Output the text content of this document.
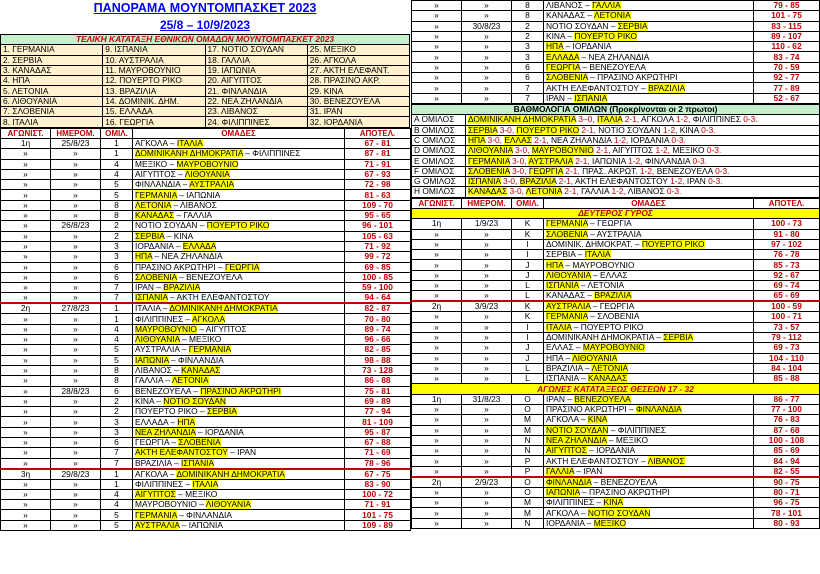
ΠΑΝΟΡΑΜΑ ΜΟΥΝΤΟΜΠΑΣΚΕΤ 2023
25/8 – 10/9/2023
ΤΕΛΙΚΗ ΚΑΤΑΤΑΞΗ ΕΘΝΙΚΩΝ ΟΜΑΔΩΝ ΜΟΥΝΤΟΜΠΑΣΚΕΤ 2023			
1. ΓΕΡΜΑΝΙΑ	9. ΙΣΠΑΝΙΑ	17. ΝΟΤΙΟ ΣΟΥΔΑΝ	25. ΜΕΞΙΚΟ
2. ΣΕΡΒΙΑ	10. ΑΥΣΤΡΑΛΙΑ	18. ΓΑΛΛΙΑ	26. ΑΓΚΟΛΑ
3. ΚΑΝΑΔΑΣ	11. ΜΑΥΡΟΒΟΥΝΙΟ	19. ΙΑΠΩΝΙΑ	27. ΑΚΤΗ ΕΛΕΦΑΝΤ.
4. ΗΠΑ	12. ΠΟΥΕΡΤΟ ΡΙΚΟ	20. ΑΙΓΥΠΤΟΣ	28. ΠΡΑΣΙΝΟ ΑΚΡ.
5. ΛΕΤΟΝΙΑ	13. ΒΡΑΖΙΛΙΑ	21. ΦΙΝΛΑΝΔΙΑ	29. ΚΙΝΑ
6. ΛΙΘΟΥΑΝΙΑ	14. ΔΟΜΙΝΙΚ. ΔΗΜ.	22. ΝΕΑ ΖΗΛΑΝΔΙΑ	30. ΒΕΝΕΖΟΥΕΛΑ
7. ΣΛΟΒΕΝΙΑ	15. ΕΛΛΑΔΑ	23. ΛΙΒΑΝΟΣ	31. ΙΡΑΝ
8. ΙΤΑΛΙΑ	16. ΓΕΩΡΓΙΑ	24. ΦΙΛΙΠΠΙΝΕΣ	32. ΙΟΡΔΑΝΙΑ
ΑΓΩΝΙΣΤ.	ΗΜΕΡΟΜ.	ΟΜΙΛ.	ΟΜΑΔΕΣ	ΑΠΟΤΕΛ.
1η	25/8/23	1	ΑΓΚΟΛΑ – ΙΤΑΛΙΑ	67 - 81
»	»	1	ΔΟΜΙΝΙΚΑΝΗ ΔΗΜΟΚΡΑΤΙΑ – ΦΙΛΙΠΠΙΝΕΣ	87 - 81
»	»	4	ΜΕΞΙΚΟ – ΜΑΥΡΟΒΟΥΝΙΟ	71 - 91
»	»	4	ΑΙΓΥΠΤΟΣ – ΛΙΘΟΥΑΝΙΑ	67 - 93
»	»	5	ΦΙΝΛΑΝΔΙΑ – ΑΥΣΤΡΑΛΙΑ	72 - 98
»	»	5	ΓΕΡΜΑΝΙΑ – ΙΑΠΩΝΙΑ	81 - 63
»	»	8	ΛΕΤΟΝΙΑ – ΛΙΒΑΝΟΣ	109 - 70
»	»	8	ΚΑΝΑΔΑΣ – ΓΑΛΛΙΑ	95 - 65
»	26/8/23	2	ΝΟΤΙΟ ΣΟΥΔΑΝ – ΠΟΥΕΡΤΟ ΡΙΚΟ	96 - 101
»	»	2	ΣΕΡΒΙΑ – ΚΙΝΑ	105 - 63
»	»	3	ΙΟΡΔΑΝΙΑ – ΕΛΛΑΔΑ	71 - 92
»	»	3	ΗΠΑ – ΝΕΑ ΖΗΛΑΝΔΙΑ	99 - 72
»	»	6	ΠΡΑΣΙΝΟ ΑΚΡΩΤΗΡΙ – ΓΕΩΡΓΙΑ	69 - 85
»	»	6	ΣΛΟΒΕΝΙΑ – ΒΕΝΕΖΟΥΕΛΑ	100 - 85
»	»	7	ΙΡΑΝ – ΒΡΑΖΙΛΙΑ	59 - 100
»	»	7	ΙΣΠΑΝΙΑ – ΑΚΤΗ ΕΛΕΦΑΝΤΟΣΤΟΥ	94 - 64
2η	27/8/23	1	ΙΤΑΛΙΑ – ΔΟΜΙΝΙΚΑΝΗ ΔΗΜΟΚΡΑΤΙΑ	82 - 87
»	»	1	ΦΙΛΙΠΠΙΝΕΣ – ΑΓΚΟΛΑ	70 - 80
»	»	4	ΜΑΥΡΟΒΟΥΝΙΟ – ΑΙΓΥΠΤΟΣ	89 - 74
»	»	4	ΛΙΘΟΥΑΝΙΑ – ΜΕΞΙΚΟ	96 - 66
»	»	5	ΑΥΣΤΡΑΛΙΑ – ΓΕΡΜΑΝΙΑ	82 - 85
»	»	5	ΙΑΠΩΝΙΑ – ΦΙΝΛΑΝΔΙΑ	98 - 88
»	»	8	ΛΙΒΑΝΟΣ – ΚΑΝΑΔΑΣ	73 - 128
»	»	8	ΓΑΛΛΙΑ – ΛΕΤΟΝΙΑ	86 - 88
»	28/8/23	6	ΒΕΝΕΖΟΥΕΛΑ – ΠΡΑΣΙΝΟ ΑΚΡΩΤΗΡΙ	75 - 81
»	»	2	ΚΙΝΑ – ΝΟΤΙΟ ΣΟΥΔΑΝ	69 - 89
»	»	2	ΠΟΥΕΡΤΟ ΡΙΚΟ – ΣΕΡΒΙΑ	77 - 94
»	»	3	ΕΛΛΑΔΑ – ΗΠΑ	81 - 109
»	»	3	ΝΕΑ ΖΗΛΑΝΔΙΑ – ΙΟΡΔΑΝΙΑ	95 - 87
»	»	6	ΓΕΩΡΓΙΑ – ΣΛΟΒΕΝΙΑ	67 - 88
»	»	7	ΑΚΤΗ ΕΛΕΦΑΝΤΟΣΤΟΥ – ΙΡΑΝ	71 - 69
»	»	7	ΒΡΑΖΙΛΙΑ – ΙΣΠΑΝΙΑ	78 - 96
3η	29/8/23	1	ΑΓΚΟΛΑ – ΔΟΜΙΝΙΚΑΝΗ ΔΗΜΟΚΡΑΤΙΑ	67 - 75
»	»	1	ΦΙΛΙΠΠΙΝΕΣ – ΙΤΑΛΙΑ	83 - 90
»	»	4	ΑΙΓΥΠΤΟΣ – ΜΕΞΙΚΟ	100 - 72
»	»	4	ΜΑΥΡΟΒΟΥΝΙΟ – ΛΙΘΟΥΑΝΙΑ	71 - 91
»	»	5	ΓΕΡΜΑΝΙΑ – ΦΙΝΛΑΝΔΙΑ	101 - 75
»	»	5	ΑΥΣΤΡΑΛΙΑ – ΙΑΠΩΝΙΑ	109 - 89
»	»	8	ΛΙΒΑΝΟΣ – ΓΑΛΛΙΑ	79 - 85
»	»	8	ΚΑΝΑΔΑΣ – ΛΕΤΟΝΙΑ	101 - 75
»	30/8/23	2	ΝΟΤΙΟ ΣΟΥΔΑΝ – ΣΕΡΒΙΑ	83 - 115
»	»	2	ΚΙΝΑ – ΠΟΥΕΡΤΟ ΡΙΚΟ	89 - 107
»	»	3	ΗΠΑ – ΙΟΡΔΑΝΙΑ	110 - 62
»	»	3	ΕΛΛΑΔΑ – ΝΕΑ ΖΗΛΑΝΔΙΑ	83 - 74
»	»	6	ΓΕΩΡΓΙΑ – ΒΕΝΕΖΟΥΕΛΑ	70 - 59
»	»	6	ΣΛΟΒΕΝΙΑ – ΠΡΑΣΙΝΟ ΑΚΡΩΤΗΡΙ	92 - 77
»	»	7	ΑΚΤΗ ΕΛΕΦΑΝΤΟΣΤΟΥ – ΒΡΑΖΙΛΙΑ	77 - 89
»	»	7	ΙΡΑΝ – ΙΣΠΑΝΙΑ	52 - 67
ΒΑΘΜΟΛΟΓΙΑ ΟΜΙΛΩΝ (Προκρίνονται οι 2 πρωτοι)	
Α ΟΜΙΛΟΣ	ΔΟΜΙΝΙΚΑΝΗ ΔΗΜΟΚΡΑΤΙΑ 3–0, ΙΤΑΛΙΑ 2-1, ΑΓΚΟΛΑ 1-2, ΦΙΛΙΠΠΙΝΕΣ 0-3.
Β ΟΜΙΛΟΣ	ΣΕΡΒΙΑ 3-0, ΠΟΥΕΡΤΟ ΡΙΚΟ 2-1, ΝΟΤΙΟ ΣΟΥΔΑΝ 1-2, ΚΙΝΑ 0-3.
C ΟΜΙΛΟΣ	ΗΠΑ 3-0, ΕΛΛΑΣ 2-1, ΝΕΑ ΖΗΛΑΝΔΙΑ 1-2, ΙΟΡΔΑΝΙΑ 0-3.
D ΟΜΙΛΟΣ	ΛΙΘΟΥΑΝΙΑ 3-0, ΜΑΥΡΟΒΟΥΝΙΟ 2-1, ΑΙΓΥΠΤΟΣ 1-2, ΜΕΞΙΚΟ 0-3.
Ε ΟΜΙΛΟΣ	ΓΕΡΜΑΝΙΑ 3-0, ΑΥΣΤΡΑΛΙΑ 2-1, ΙΑΠΩΝΙΑ 1-2, ΦΙΝΛΑΝΔΙΑ 0-3.
F ΟΜΙΛΟΣ	ΣΛΟΒΕΝΙΑ 3-0, ΓΕΩΡΓΙΑ 2-1, ΠΡΑΣ. ΑΚΡΩΤ. 1-2, ΒΕΝΕΖΟΥΕΛΑ 0-3.
G ΟΜΙΛΟΣ	ΙΣΠΑΝΙΑ 3-0, ΒΡΑΖΙΛΙΑ 2-1, ΑΚΤΗ ΕΛΕΦΑΝΤΟΣΤΟΥ 1-2, ΙΡΑΝ 0-3.
Η ΟΜΙΛΟΣ	ΚΑΝΑΔΑΣ 3-0, ΛΕΤΟΝΙΑ 2-1, ΓΑΛΛΙΑ 1-2, ΛΙΒΑΝΟΣ 0-3.
ΑΓΩΝΙΣΤ.	ΗΜΕΡΟΜ.	ΟΜΙΛ.	ΟΜΑΔΕΣ	ΑΠΟΤΕΛ.
ΔΕΥΤΕΡΟΣ ΓΥΡΟΣ				
1η	1/9/23	Κ	ΓΕΡΜΑΝΙΑ – ΓΕΩΡΓΙΑ	100 - 73
»	»	Κ	ΣΛΟΒΕΝΙΑ – ΑΥΣΤΡΑΛΙΑ	91 - 80
»	»	Ι	ΔΟΜΙΝΙΚ. ΔΗΜΟΚΡΑΤ. – ΠΟΥΕΡΤΟ ΡΙΚΟ	97 - 102
»	»	Ι	ΣΕΡΒΙΑ – ΙΤΑΛΙΑ	76 - 78
»	»	J	ΗΠΑ – ΜΑΥΡΟΒΟΥΝΙΟ	85 - 73
»	»	J	ΛΙΘΟΥΑΝΙΑ – ΕΛΛΑΣ	92 - 67
»	»	L	ΙΣΠΑΝΙΑ – ΛΕΤΟΝΙΑ	69 - 74
»	»	L	ΚΑΝΑΔΑΣ – ΒΡΑΖΙΛΙΑ	65 - 69
2η	3/9/23	Κ	ΑΥΣΤΡΑΛΙΑ – ΓΕΩΡΓΙΑ	100 - 59
»	»	Κ	ΓΕΡΜΑΝΙΑ – ΣΛΟΒΕΝΙΑ	100 - 71
»	»	Ι	ΙΤΑΛΙΑ – ΠΟΥΕΡΤΟ ΡΙΚΟ	73 - 57
»	»	Ι	ΔΟΜΙΝΙΚΑΝΗ ΔΗΜΟΚΡΑΤΙΑ – ΣΕΡΒΙΑ	79 - 112
»	»	J	ΕΛΛΑΣ – ΜΑΥΡΟΒΟΥΝΙΟ	69 - 73
»	»	J	ΗΠΑ – ΛΙΘΟΥΑΝΙΑ	104 - 110
»	»	L	ΒΡΑΖΙΛΙΑ – ΛΕΤΟΝΙΑ	84 - 104
»	»	L	ΙΣΠΑΝΙΑ – ΚΑΝΑΔΑΣ	85 - 88
ΑΓΩΝΕΣ ΚΑΤΑΤΑΞΕΩΣ ΘΕΣΕΩΝ 17 - 32				
1η	31/8/23	Ο	ΙΡΑΝ – ΒΕΝΕΖΟΥΕΛΑ	86 - 77
»	»	Ο	ΠΡΑΣΙΝΟ ΑΚΡΩΤΗΡΙ – ΦΙΝΛΑΝΔΙΑ	77 - 100
»	»	Μ	ΑΓΚΟΛΑ – ΚΙΝΑ	76 - 83
»	»	Μ	ΝΟΤΙΟ ΣΟΥΔΑΝ – ΦΙΛΙΠΠΙΝΕΣ	87 - 68
»	»	Ν	ΝΕΑ ΖΗΛΑΝΔΙΑ – ΜΕΞΙΚΟ	100 - 108
»	»	Ν	ΑΙΓΥΠΤΟΣ – ΙΟΡΔΑΝΙΑ	85 - 69
»	»	Ρ	ΑΚΤΗ ΕΛΕΦΑΝΤΟΣΤΟΥ – ΛΙΒΑΝΟΣ	84 - 94
»	»	Ρ	ΓΑΛΛΙΑ – ΙΡΑΝ	82 - 55
2η	2/9/23	Ο	ΦΙΝΛΑΝΔΙΑ – ΒΕΝΕΖΟΥΕΛΑ	90 - 75
»	»	Ο	ΙΑΠΩΝΙΑ – ΠΡΑΣΙΝΟ ΑΚΡΩΤΗΡΙ	80 - 71
»	»	Μ	ΦΙΛΙΠΠΙΝΕΣ – ΚΙΝΑ	96 - 75
»	»	Μ	ΑΓΚΟΛΑ – ΝΟΤΙΟ ΣΟΥΔΑΝ	78 - 101
»	»	Ν	ΙΟΡΔΑΝΙΑ – ΜΕΞΙΚΟ	80 - 93
